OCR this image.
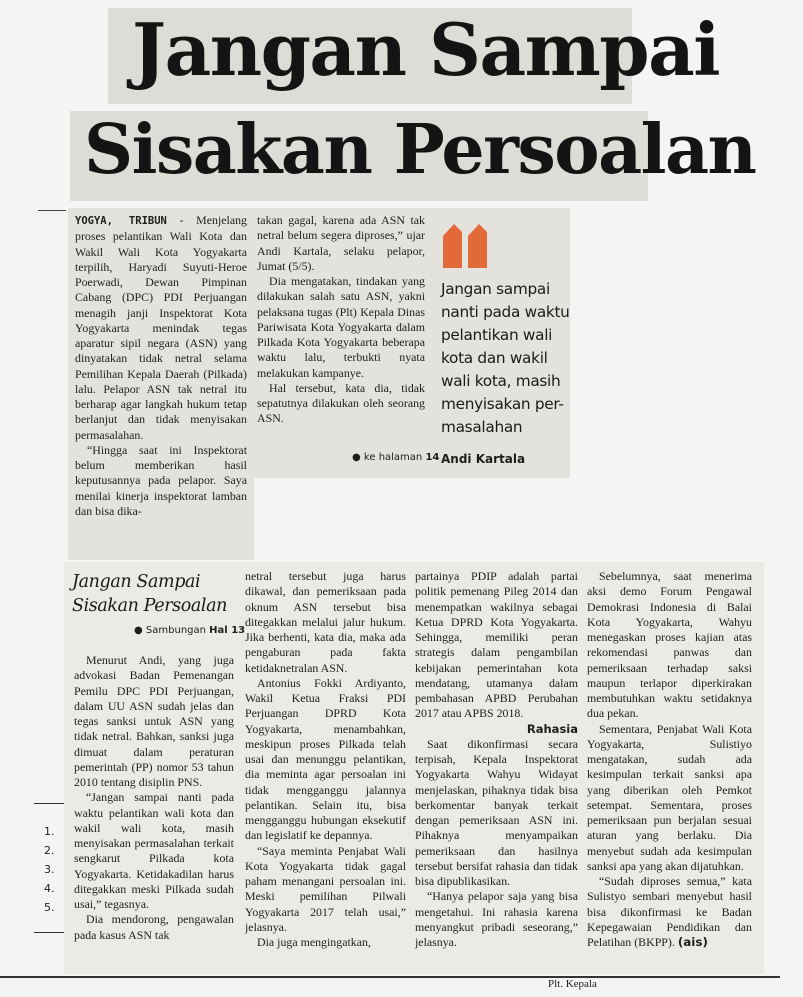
Jangan Sampai
Sisakan Persoalan

YOGYA, TRIBUN - Menjelang proses pelantikan Wali Kota dan Wakil Wali Kota Yogyakarta terpilih, Haryadi Suyuti-Heroe Poerwadi, Dewan Pimpinan Cabang (DPC) PDI Perjuangan menagih janji Inspektorat Kota Yogyakarta menindak tegas aparatur sipil negara (ASN) yang dinyatakan tidak netral selama Pemilihan Kepala Daerah (Pilkada) lalu. Pelapor ASN tak netral itu berharap agar langkah hukum tetap berlanjut dan tidak menyisakan permasalahan.

“Hingga saat ini Inspektorat belum memberikan hasil keputusannya pada pelapor. Saya menilai kinerja inspektorat lamban dan bisa dika-

takan gagal, karena ada ASN tak netral belum segera diproses,” ujar Andi Kartala, selaku pelapor, Jumat (5/5).

Dia mengatakan, tindakan yang dilakukan salah satu ASN, yakni pelaksana tugas (Plt) Kepala Dinas Pariwisata Kota Yogyakarta dalam Pilkada Kota Yogyakarta beberapa waktu lalu, terbukti nyata melakukan kampanye.

Hal tersebut, kata dia, tidak sepatutnya dilakukan oleh seorang ASN.

● ke halaman 14
Jangan sampai
nanti pada waktu
pelantikan wali
kota dan wakil
wali kota, masih
menyisakan per-
masalahan
Andi Kartala
Jangan Sampai
Sisakan Persoalan
● Sambungan Hal 13

Menurut Andi, yang juga advokasi Badan Pemenangan Pemilu DPC PDI Perjuangan, dalam UU ASN sudah jelas dan tegas sanksi untuk ASN yang tidak netral. Bahkan, sanksi juga dimuat dalam peraturan pemerintah (PP) nomor 53 tahun 2010 tentang disiplin PNS.

“Jangan sampai nanti pada waktu pelantikan wali kota dan wakil wali kota, masih menyisakan permasalahan terkait sengkarut Pilkada kota Yogyakarta. Ketidakadilan harus ditegakkan meski Pilkada sudah usai,” tegasnya.

Dia mendorong, pengawalan pada kasus ASN tak

netral tersebut juga harus dikawal, dan pemeriksaan pada oknum ASN tersebut bisa ditegakkan melalui jalur hukum. Jika berhenti, kata dia, maka ada pengaburan pada fakta ketidaknetralan ASN.

Antonius Fokki Ardiyanto, Wakil Ketua Fraksi PDI Perjuangan DPRD Kota Yogyakarta, menambahkan, meskipun proses Pilkada telah usai dan menunggu pelantikan, dia meminta agar persoalan ini tidak mengganggu jalannya pelantikan. Selain itu, bisa mengganggu hubungan eksekutif dan legislatif ke depannya.

“Saya meminta Penjabat Wali Kota Yogyakarta tidak gagal paham menangani persoalan ini. Meski pemilihan Pilwali Yogyakarta 2017 telah usai,” jelasnya.

Dia juga mengingatkan,

partainya PDIP adalah partai politik pemenang Pileg 2014 dan menempatkan wakilnya sebagai Ketua DPRD Kota Yogyakarta. Sehingga, memiliki peran strategis dalam pengambilan kebijakan pemerintahan kota mendatang, utamanya dalam pembahasan APBD Perubahan 2017 atau APBS 2018.

Rahasia

Saat dikonfirmasi secara terpisah, Kepala Inspektorat Yogyakarta Wahyu Widayat menjelaskan, pihaknya tidak bisa berkomentar banyak terkait dengan pemeriksaan ASN ini. Pihaknya menyampaikan pemeriksaan dan hasilnya tersebut bersifat rahasia dan tidak bisa dipublikasikan.

“Hanya pelapor saja yang bisa mengetahui. Ini rahasia karena menyangkut pribadi seseorang,” jelasnya.

Sebelumnya, saat menerima aksi demo Forum Pengawal Demokrasi Indonesia di Balai Kota Yogyakarta, Wahyu menegaskan proses kajian atas rekomendasi panwas dan pemeriksaan terhadap saksi maupun terlapor diperkirakan membutuhkan waktu setidaknya dua pekan.

Sementara, Penjabat Wali Kota Yogyakarta, Sulistiyo mengatakan, sudah ada kesimpulan terkait sanksi apa yang diberikan oleh Pemkot setempat. Sementara, proses pemeriksaan pun berjalan sesuai aturan yang berlaku. Dia menyebut sudah ada kesimpulan sanksi apa yang akan dijatuhkan.

“Sudah diproses semua,” kata Sulistyo sembari menyebut hasil bisa dikonfirmasi ke Badan Kepegawaian Pendidikan dan Pelatihan (BKPP). (ais)

1.
2.
3.
4.
5.
Plt. Kepala
